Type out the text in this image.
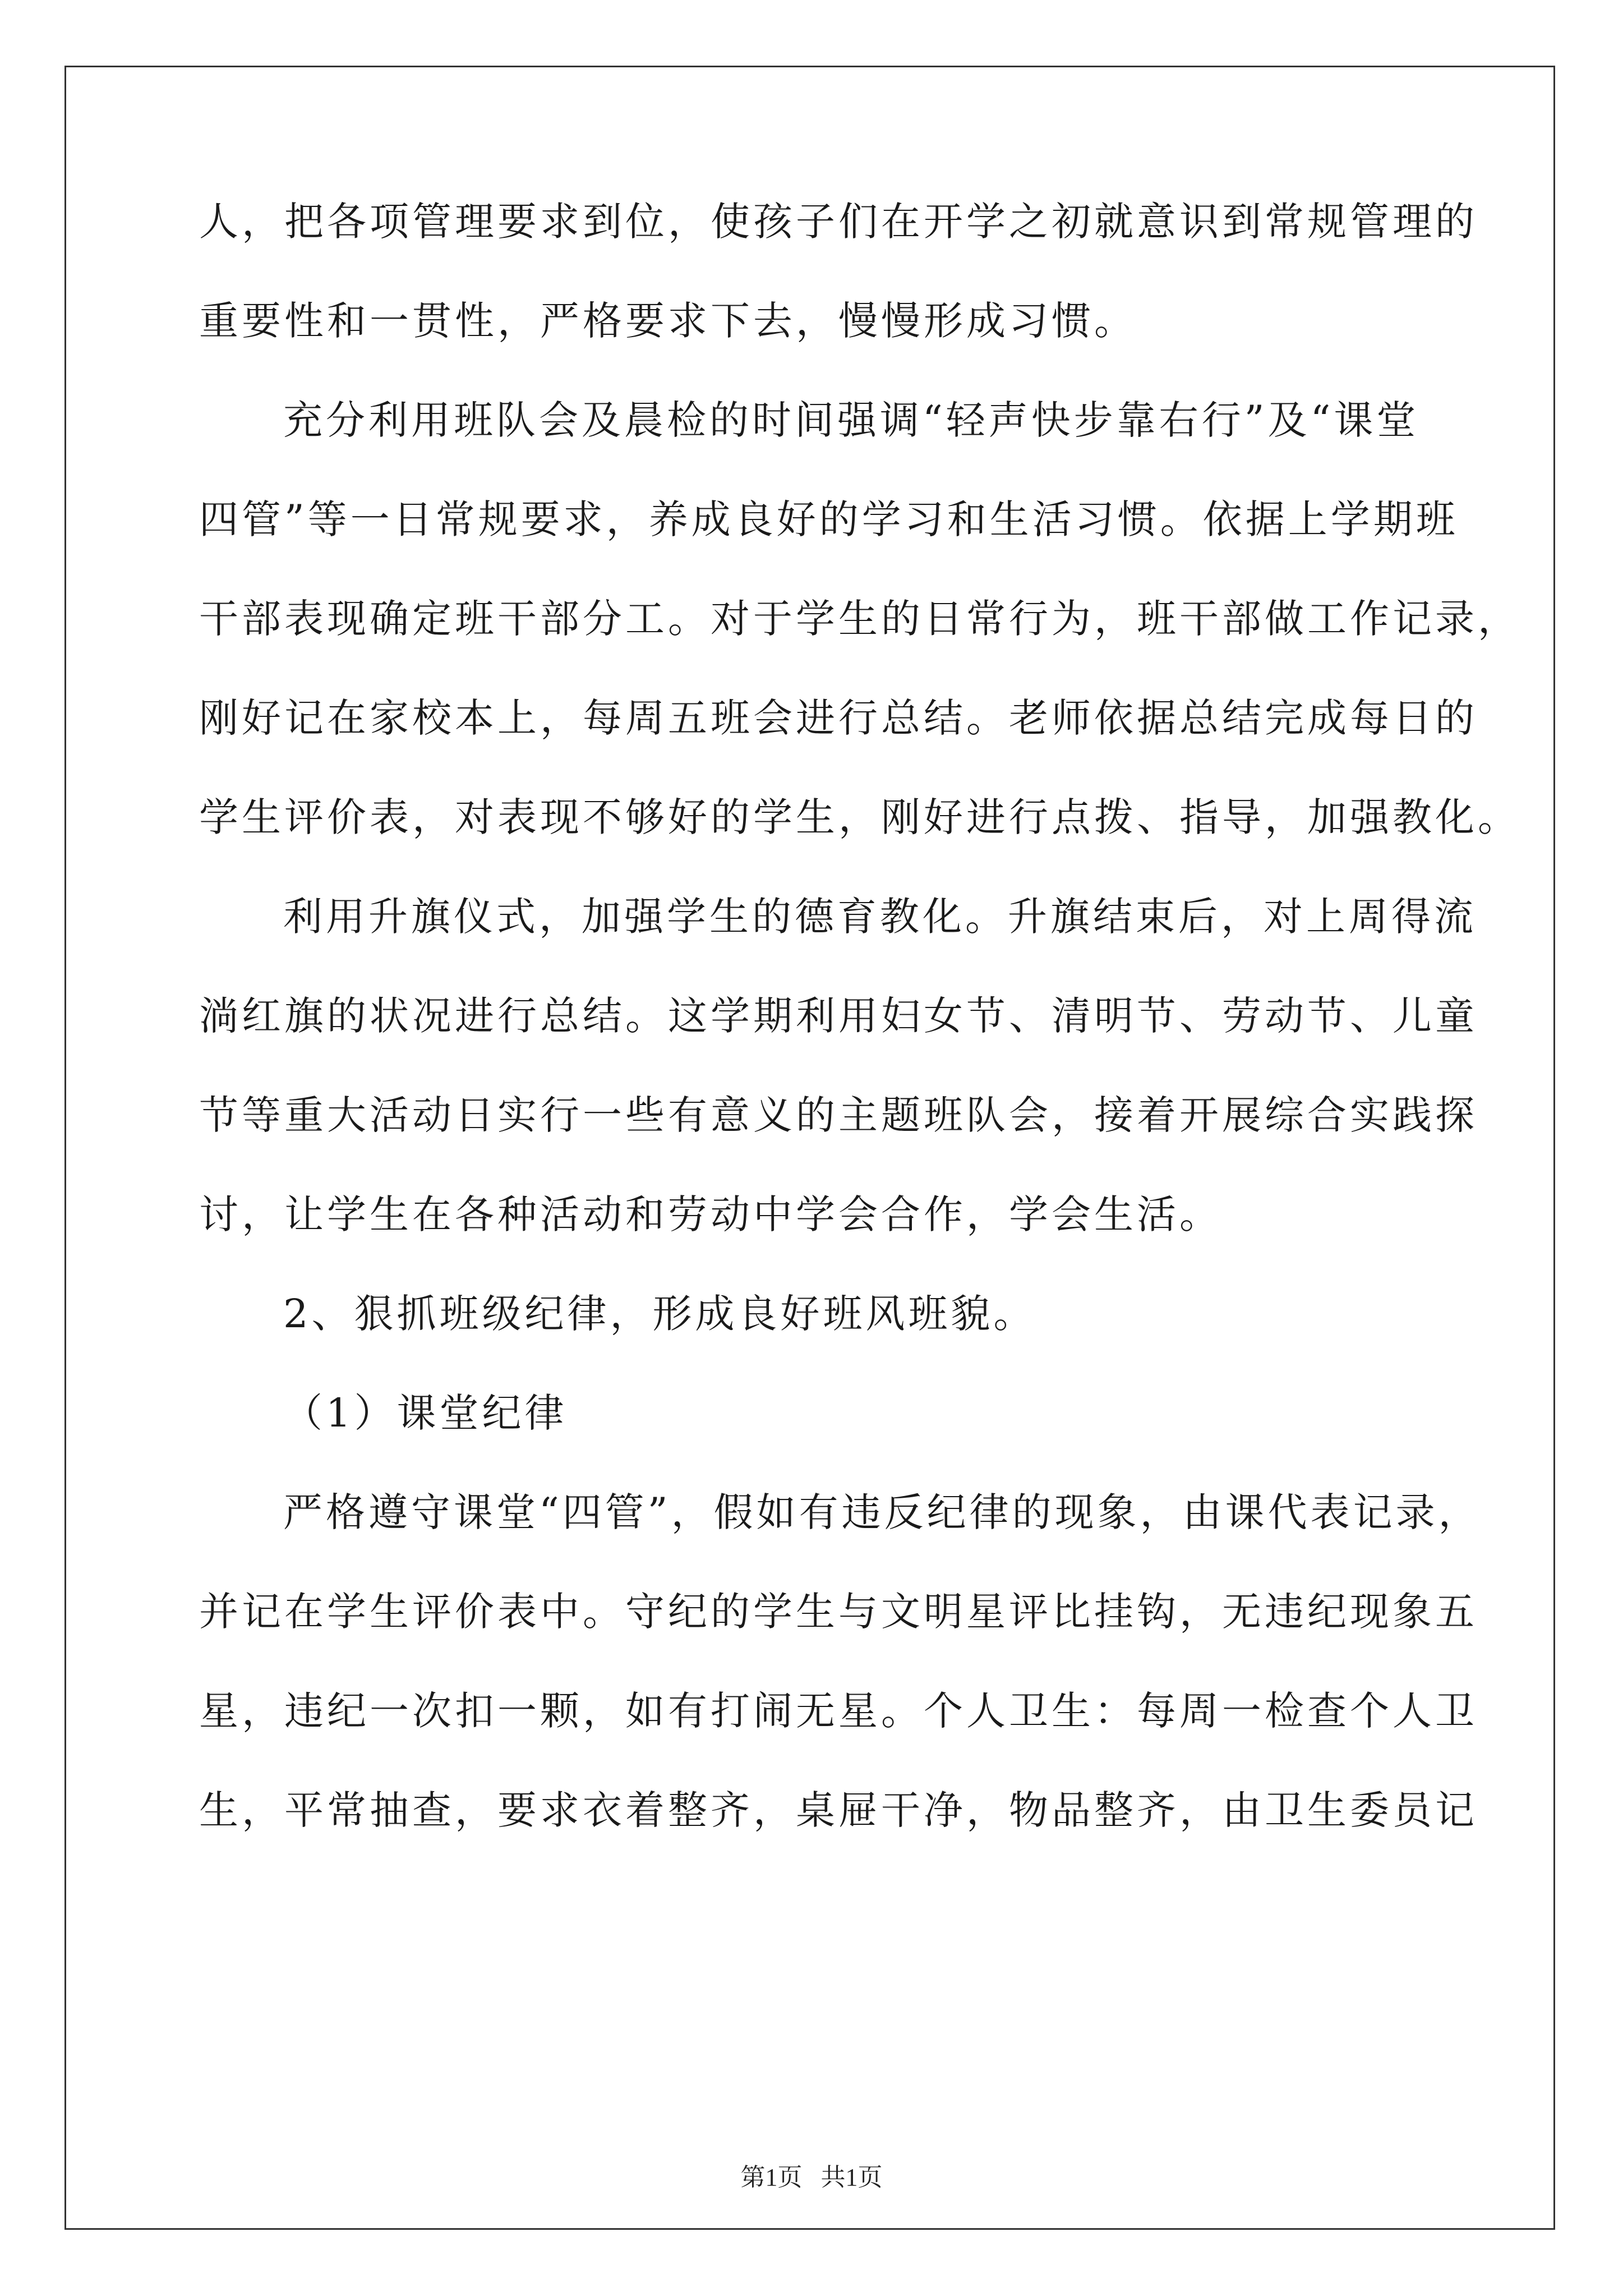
人，把各项管理要求到位，使孩子们在开学之初就意识到常规管理的
重要性和一贯性，严格要求下去，慢慢形成习惯。
充分利用班队会及晨检的时间强调“轻声快步靠右行”及“课堂
四管”等一日常规要求，养成良好的学习和生活习惯。依据上学期班
干部表现确定班干部分工。对于学生的日常行为，班干部做工作记录，
刚好记在家校本上，每周五班会进行总结。老师依据总结完成每日的
学生评价表，对表现不够好的学生，刚好进行点拨、指导，加强教化。
利用升旗仪式，加强学生的德育教化。升旗结束后，对上周得流
淌红旗的状况进行总结。这学期利用妇女节、清明节、劳动节、儿童
节等重大活动日实行一些有意义的主题班队会，接着开展综合实践探
讨，让学生在各种活动和劳动中学会合作，学会生活。
2、狠抓班级纪律，形成良好班风班貌。
（1）课堂纪律
严格遵守课堂“四管”，假如有违反纪律的现象，由课代表记录，
并记在学生评价表中。守纪的学生与文明星评比挂钩，无违纪现象五
星，违纪一次扣一颗，如有打闹无星。个人卫生：每周一检查个人卫
生，平常抽查，要求衣着整齐，桌屉干净，物品整齐，由卫生委员记
第1页   共1页
